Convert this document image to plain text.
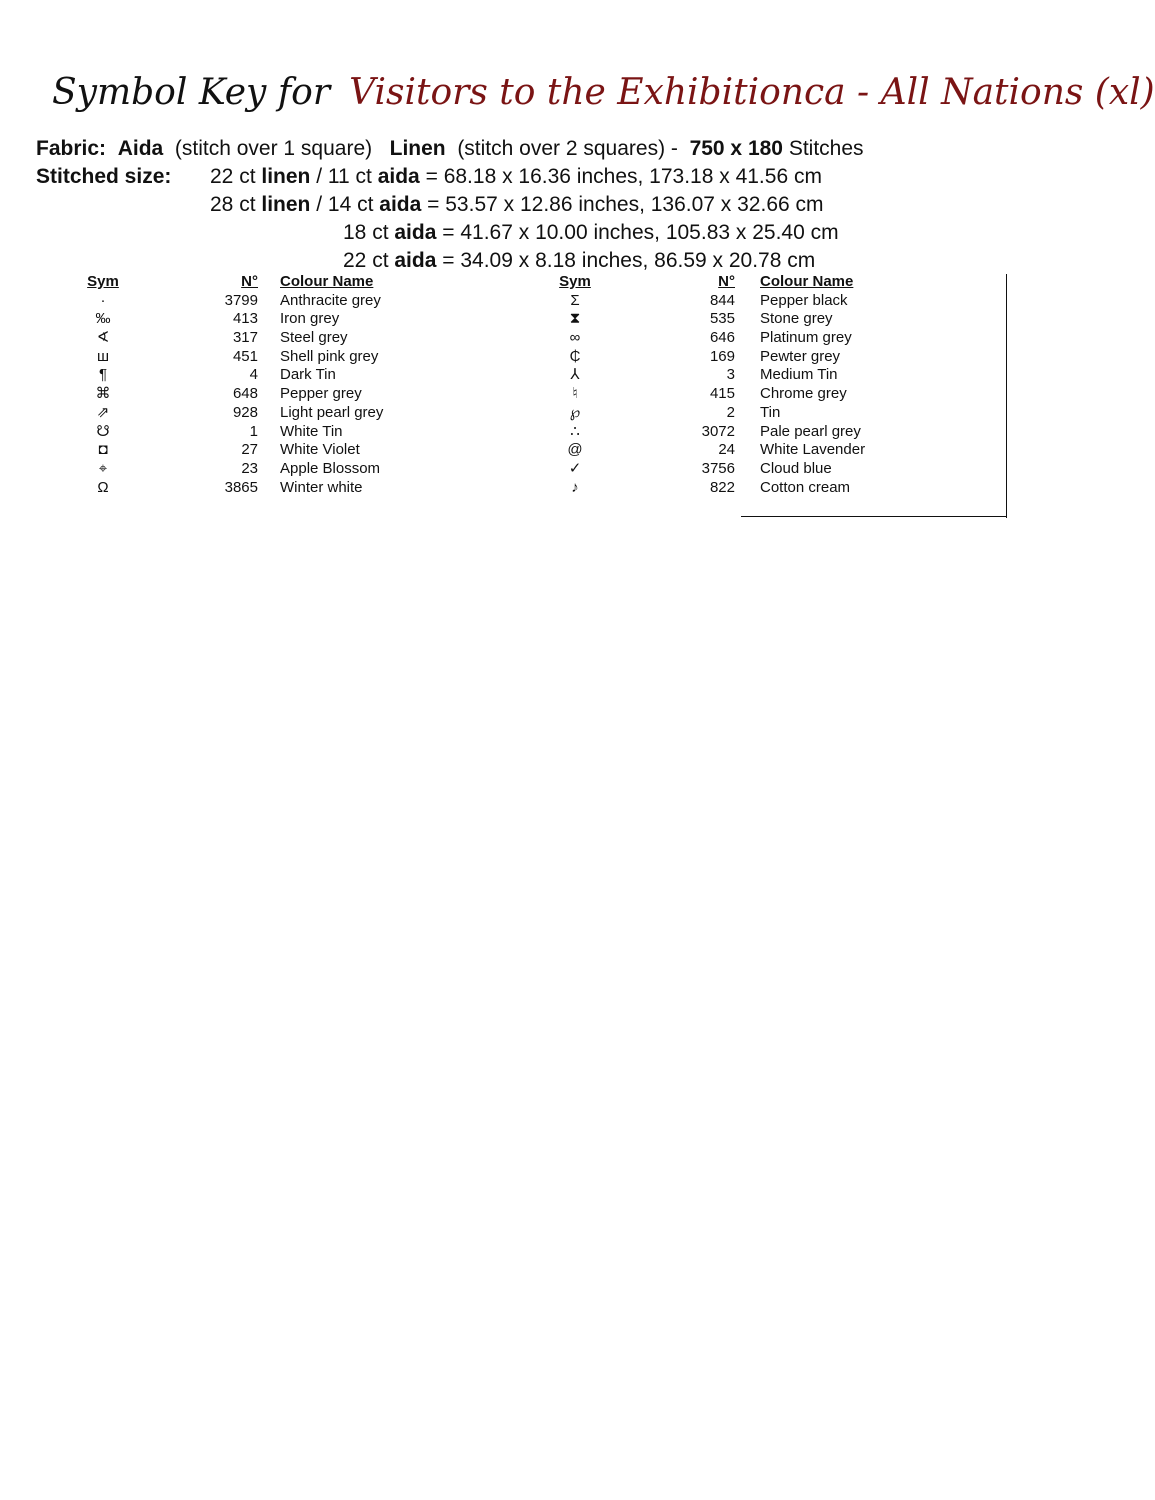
Symbol Key for Visitors to the Exhibitionca - All Nations (xl)
Fabric: Aida (stitch over 1 square) Linen (stitch over 2 squares) - 750 x 180 Stitches
Stitched size: 22 ct linen / 11 ct aida = 68.18 x 16.36 inches, 173.18 x 41.56 cm
28 ct linen / 14 ct aida = 53.57 x 12.86 inches, 136.07 x 32.66 cm
18 ct aida = 41.67 x 10.00 inches, 105.83 x 25.40 cm
22 ct aida = 34.09 x 8.18 inches, 86.59 x 20.78 cm
Sym	N° Colour Name
·	3799 Anthracite grey
‰	413 Iron grey
∢	317 Steel grey
ш	451 Shell pink grey
¶	4 Dark Tin
⌘	648 Pepper grey
⇗	928 Light pearl grey
☋	1 White Tin
◘	27 White Violet
⌖	23 Apple Blossom
Ω	3865 Winter white
Sym	N° Colour Name
Σ	844 Pepper black
⧗	535 Stone grey
∞	646 Platinum grey
₵	169 Pewter grey
⅄	3 Medium Tin
♮	415 Chrome grey
℘	2 Tin
∴	3072 Pale pearl grey
@	24 White Lavender
✓	3756 Cloud blue
♪	822 Cotton cream
